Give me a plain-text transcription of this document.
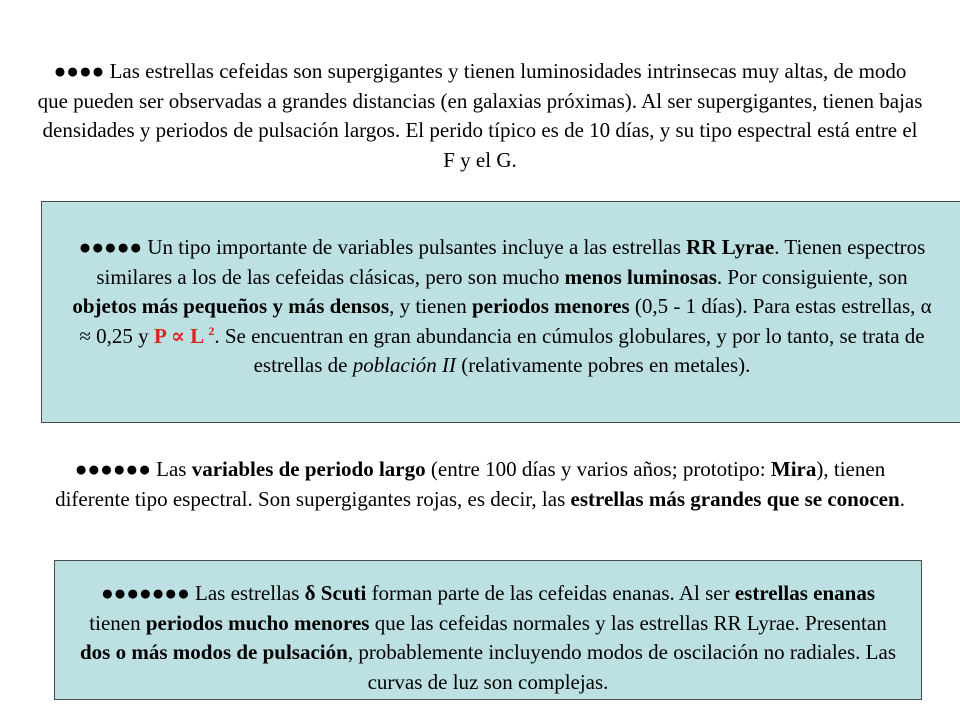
●●●● Las estrellas cefeidas son supergigantes y tienen luminosidades intrinsecas muy altas, de modo que pueden ser observadas a grandes distancias (en galaxias próximas). Al ser supergigantes, tienen bajas densidades y periodos de pulsación largos. El perido típico es de 10 días, y su tipo espectral está entre el F y el G.
●●●●● Un tipo importante de variables pulsantes incluye a las estrellas RR Lyrae. Tienen espectros similares a los de las cefeidas clásicas, pero son mucho menos luminosas. Por consiguiente, son objetos más pequeños y más densos, y tienen periodos menores (0,5 - 1 días). Para estas estrellas, α ≈ 0,25 y P ∝ L $^2$. Se encuentran en gran abundancia en cúmulos globulares, y por lo tanto, se trata de estrellas de población II (relativamente pobres en metales).
●●●●●● Las variables de periodo largo (entre 100 días y varios años; prototipo: Mira), tienen diferente tipo espectral. Son supergigantes rojas, es decir, las estrellas más grandes que se conocen.
●●●●●●● Las estrellas δ Scuti forman parte de las cefeidas enanas. Al ser estrellas enanas tienen periodos mucho menores que las cefeidas normales y las estrellas RR Lyrae. Presentan dos o más modos de pulsación, probablemente incluyendo modos de oscilación no radiales. Las curvas de luz son complejas.
